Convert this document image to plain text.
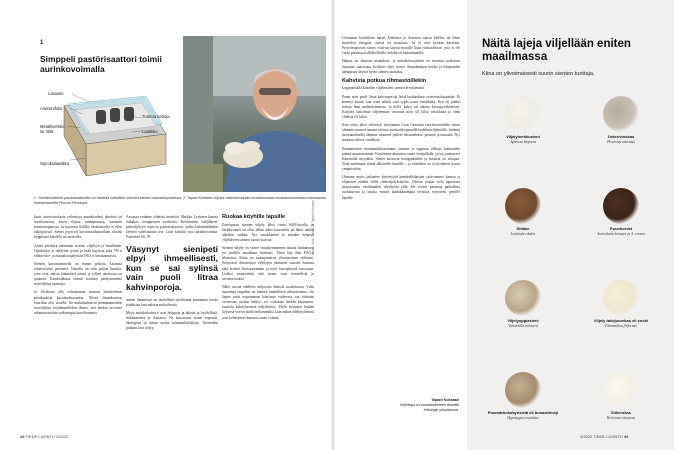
1
Simppeli pastörisaattori toimii aurinkovoimalla
Lasiaste
Alumiinifolio
Metalliverkko tai ritilä
Tumma kattoja
Laatikko
Styroksilaatikko
1. Yksinkertaisella pastörisaattorilla voi hävittää haitalliset mikrobit sienten kasvatusputeeista. 2. Tapani Kotisaari viljelee osterivinokkaita omatekoisissa minikasvihuoneissa kotimaansa kattoterasseilla Pinnom Penhissä.

Juuri osterivinokasta erilaisissa maataloudesi jätteissä tai sivutuotteissa, kuten oljissa, sahanpurussa, tomaatin puristeitappuissa. Ja kuoressa kylillä, ekokastorilla ei ollut näköpiirissä. Sienet pyysivät kasvatusaihautoilaan ulottaä hyppiisset katolilla tai mestoilla.

Aloite perehtyä enemmän sienten viljelyyn ja häsäläinen. Opiskaljon ei tehdyttäi työstä ja lisää kirjoista sekä VK-n elintarvike- ja maatalousjärjestön FAO:n tietokannoista.

Sienten kasvattamisella on monin paikoin Aasiassa tuhatvuotiset perinteet. Taitoilla on siitti paljon ihmisiä, joita ovat alaisia käänteiset näistä ja jolleet taloitossa on puutetta. Kambodžassa tilimiä koulutti parikymmentä sienviljelyn opettajia.

Jo Afrikassa ollo valmistamat suuntaa jäsentelemät minikuoksia kasvatushuoneitta. Niissä ilmankosteus kuorillut olot sisselle. Ne maltaistikasvat piemimamoteen sienviljelyn köyhimmillekin ilmast, että heidän tavoitise rakentaa mitään vaikeampia kasvihuoneita.

Aasiassa eräänne yhdessä insinööri Markku Lyytinen kanssa tutkakaa sienipussien steriloitia. Kehittimme sohjillaren, pienviljelyyn sopivan pastörisaattorin, jonka lämmönlähteen kelvieä valeistanaan irse. Laite käyttää vain aurinkovoimaa. Pastörinti 60–70

Väsynyt sienipeti elpyi ihmeellisesti, kun se sai sylinsä vain puoli litraa kahvinporoja.

asteen lämmössä on täydellistä sterilointia paremmat koska puhdistaa kasvualusta mikrobeista.

Myös aurinkokuivurit ovat helppoja ja lakeita ja hyödyllisiä, mikäaasiassa ja Aasiassa. Ne kuivatavat sienet nopeasti, ekologiset ja ilman turhia toimintahävikkejä. Tuotteiden puhtaus kun säilyy.

Ruokaa köyhille lapsille

Euroopassa sienten viljely alkoi vasta 1600-luvulla, ja herkkusieniä on ollut tähän aikaa kasvatettu tai lähes näihin aikoihin saakka. Nyt vinokkaiden ja muiden helposti viljeltävien sienten suosio kasvaa.

Sienten viljely on viime vuosikymmenten aikana lisääntynyt eri puolilla maailmaa huimasti. Tämä käy ilmi FAO:n tilastoista. Kiina on tuottajamaista ylivoimainen ykkönen. Erityisesti ilmastoissa viljelyjen johtuneet suurten haitusta eikä eritistä ekologisemmin ja nyös kasvipeijenä turvautua. Lisäksi monirtietää, että sienet ovat terveellisiä ja ravintorruokaa.

Näkä vaivaa edelleen miljoonia ihmisiä maailmassa. Vielä suurempi ongelma on laatuen laadullinen aliravitsemus. Jos lapset eivät nopeimman kasvunsa vaiheessa saa riittävän ravitsevaa ruokaa kehitys voi vaikuttaa heidän kasvuunsa, ruumiin kehitykseensä hälyttävästi. Myös hyvinkin heidän kykynsä voivat jäädä heikommiksi kuin mihin edellytyksensä ovat kehittyneet kunnon ruoan voimin.

Kuvat: Juha Torkola ja Tapani Kotisaari
48 TIEDE LUONTO 3/2022

Useimmat köyhäköin lapset Afrikassa ja Aasiassa saavat kylliksi tai lähes riittävästi energiaa riisistä tai maissista. Se ei riitä hyvään kasvuun. Proteiinipitoiset sienet voisivat tarjota monille lisän ruokavalioon, jota ei ole varaa parantaa kalliilla lihalla, kalalla tai kananmunilla.

Halpaa tai ilmaista maatalous- ja metsätalousjätettä on monissa paikoissa runsaasti saatavana. Erilaiset oljet, korret, ilmpalminjen kuidut ja lehtipuiden sahanpuru käyvät hyvin sienten alustaksi.

Kahvista potkua rihmastoillekin

Loppukesällä kokeilin viljelemieni sienten elvyttämistä.

Panin noin puoli litraa kahvinporoja laval kuukauksen osterivinokaspetiin. Ei mennyt kauan, kun siinä rehotti uusi rypäs uusia vinokkaita. Koe oli pakko toistaa ihan mielenkiinnosta. Ja kyllä, kahvi sai aikaan kasvupyrähdyksen. Kotijoin laskelmia viljelemistä vinossaa noin 3,8 kiloa vinokkaita ja vielä yhdestä yli kilon.

Kun syksy alkoi viilentyä, siirryimme Gran Canarian vuoristoseudulle, missä olemme asuneet useana talvena vuokratila pienellä hedelmäviljelmällä. Isännän suostumuksella olemme tuonneet ijalleet vihanneksest, perunat ja tomaatit. Nyt mukaan tulivat vinokkaat.

Ensimmäisen sienikantikkoseemme saimme jo nippuna vihkoja kuukauden päästä muutostamme. Käytämme alustoina nauta vesipullolla, joissa juomavesi Kanarialla myydään. Sienet kasvavat mangonkulien ja lattiurat on siltapaa. Niitä molempia riittää tällaiselle farmille – ja taiteikkin on tyytyväinen sitatin ympäristöön.

Olemme myös jatkaneet yhteistyötä kambodžalaisten ystäviemme kanssa ja ohjanneet etäältä siellä sieniviljelykokeilta. Odotan jouluu vielä tapaavani innostuneita vinokkaiden viljelijöitä tälle. He voivat parantaa paikallista ruokaturvaa ja tarjota entistä laadukkaampaa ravintoa erityisesti pienille lapsille.

Tapani Kotisaari
Kirjoittaja on puutarhatieteen doselitti Helsingin yliopistossa.
3/2022 TIEDE LUONTO 49
Näitä lajeja viljellään eniten maailmassa
Kiina on ylivoimaisesti suurin sienten tuottaja.
Viljelyherkkusieni
Agaricus bisporus
Osterivinokas
Pleurotus ostreatus
Siitake
Lentinula edodes
Puunkorvat
Auricularia heimuer ja A. cornea
Viljelyuppiasieni
Volvariella volvacea
Viljely talvijuurekas eli enoki
Flammulina filiformis
Puumarunkokynsisiä eli bunashimeji
Hypsizygus tessulatus
Siilivrokas
Hericium erinaceus
